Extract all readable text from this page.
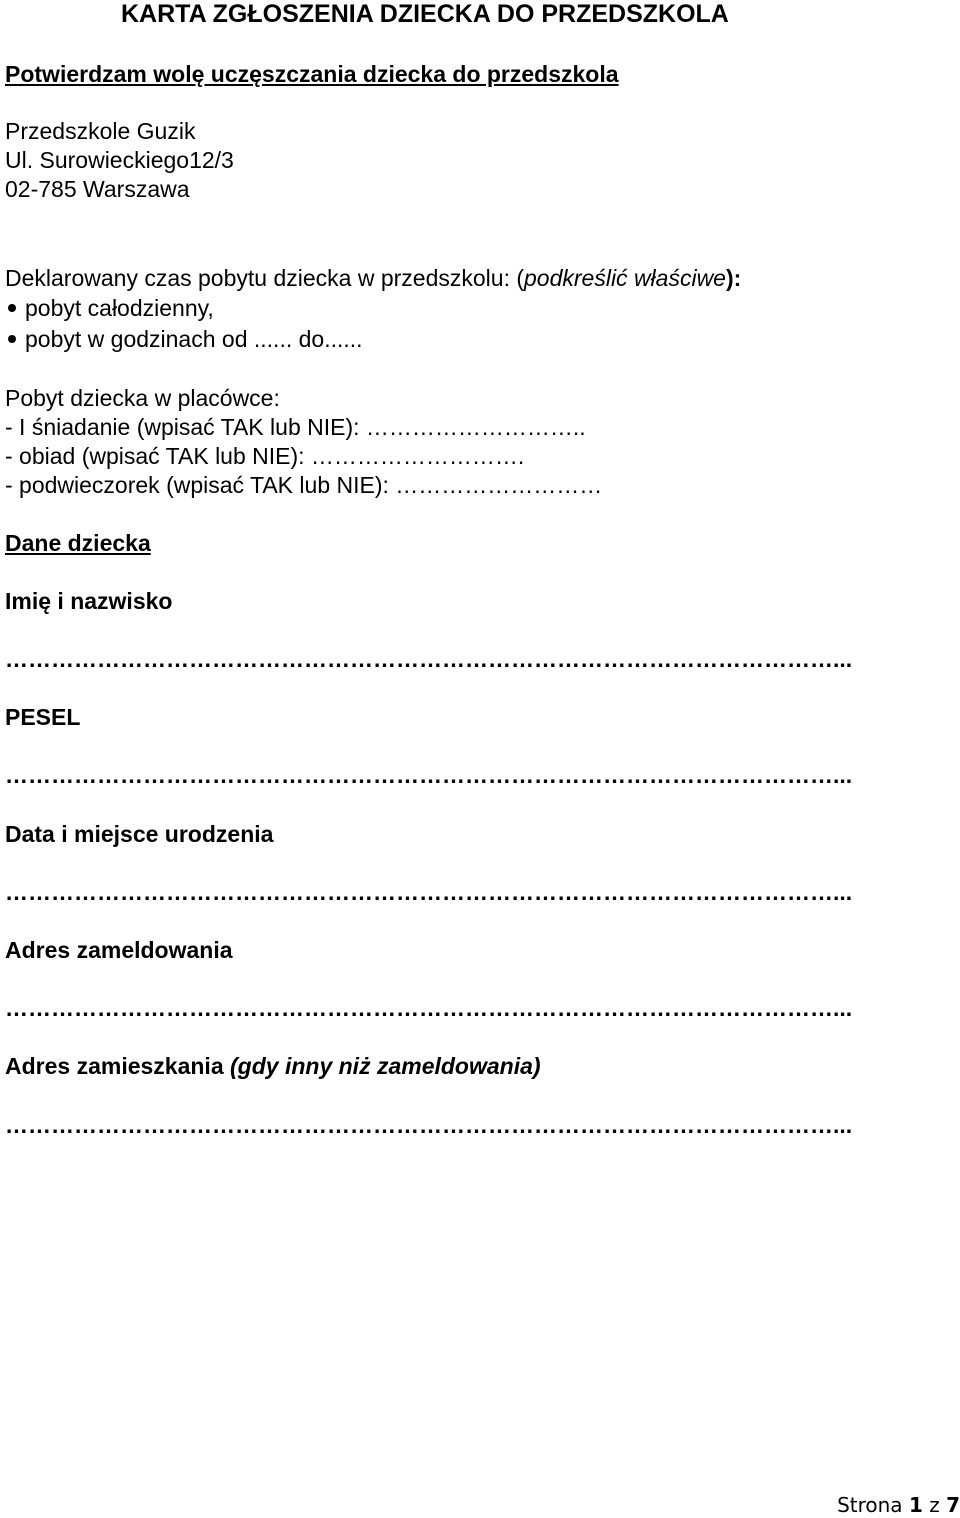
KARTA ZGŁOSZENIA DZIECKA DO PRZEDSZKOLA
Potwierdzam wolę uczęszczania dziecka do przedszkola
Przedszkole Guzik
Ul. Surowieckiego12/3
02-785 Warszawa
Deklarowany czas pobytu dziecka w przedszkolu: (podkreślić właściwe):
pobyt całodzienny,
pobyt w godzinach od ...... do......
Pobyt dziecka w placówce:
- I śniadanie (wpisać TAK lub NIE): ………………………..
- obiad (wpisać TAK lub NIE): ……………………….
- podwieczorek (wpisać TAK lub NIE): ………………………
Dane dziecka
Imię i nazwisko
………………………………………………………………………………………………...
PESEL
………………………………………………………………………………………………...
Data i miejsce urodzenia
………………………………………………………………………………………………...
Adres zameldowania
………………………………………………………………………………………………...
Adres zamieszkania (gdy inny niż zameldowania)
………………………………………………………………………………………………...
Strona 1 z 7
